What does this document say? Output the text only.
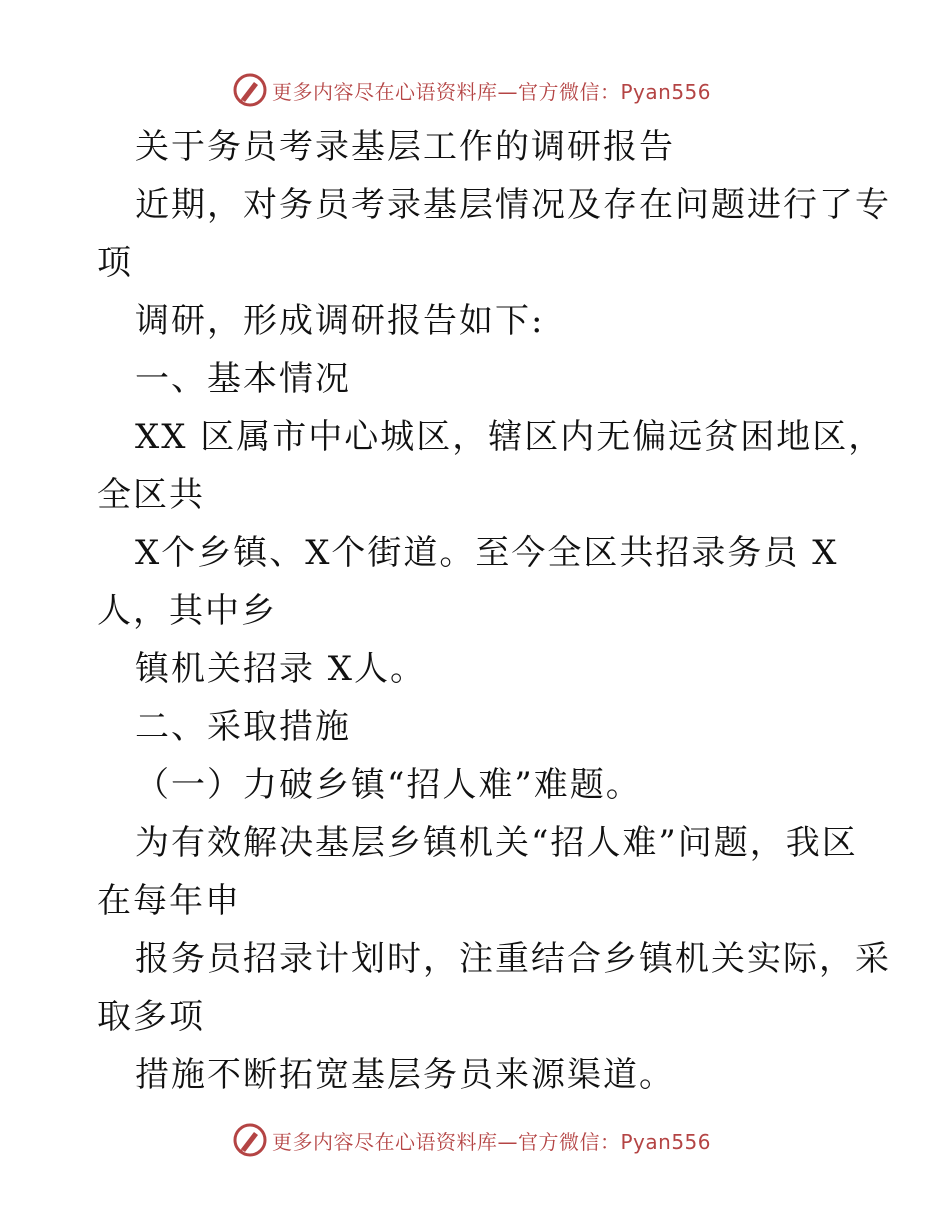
更多内容尽在心语资料库—官方微信：Pyan556
关于务员考录基层工作的调研报告
近期，对务员考录基层情况及存在问题进行了专
项
调研，形成调研报告如下:
一、基本情况
XX 区属市中心城区，辖区内无偏远贫困地区，
全区共
X个乡镇、X个街道。至今全区共招录务员 X
人，其中乡
镇机关招录 X人。
二、采取措施
（一）力破乡镇“招人难”难题。
为有效解决基层乡镇机关“招人难”问题，我区
在每年申
报务员招录计划时，注重结合乡镇机关实际，采
取多项
措施不断拓宽基层务员来源渠道。
更多内容尽在心语资料库—官方微信：Pyan556
